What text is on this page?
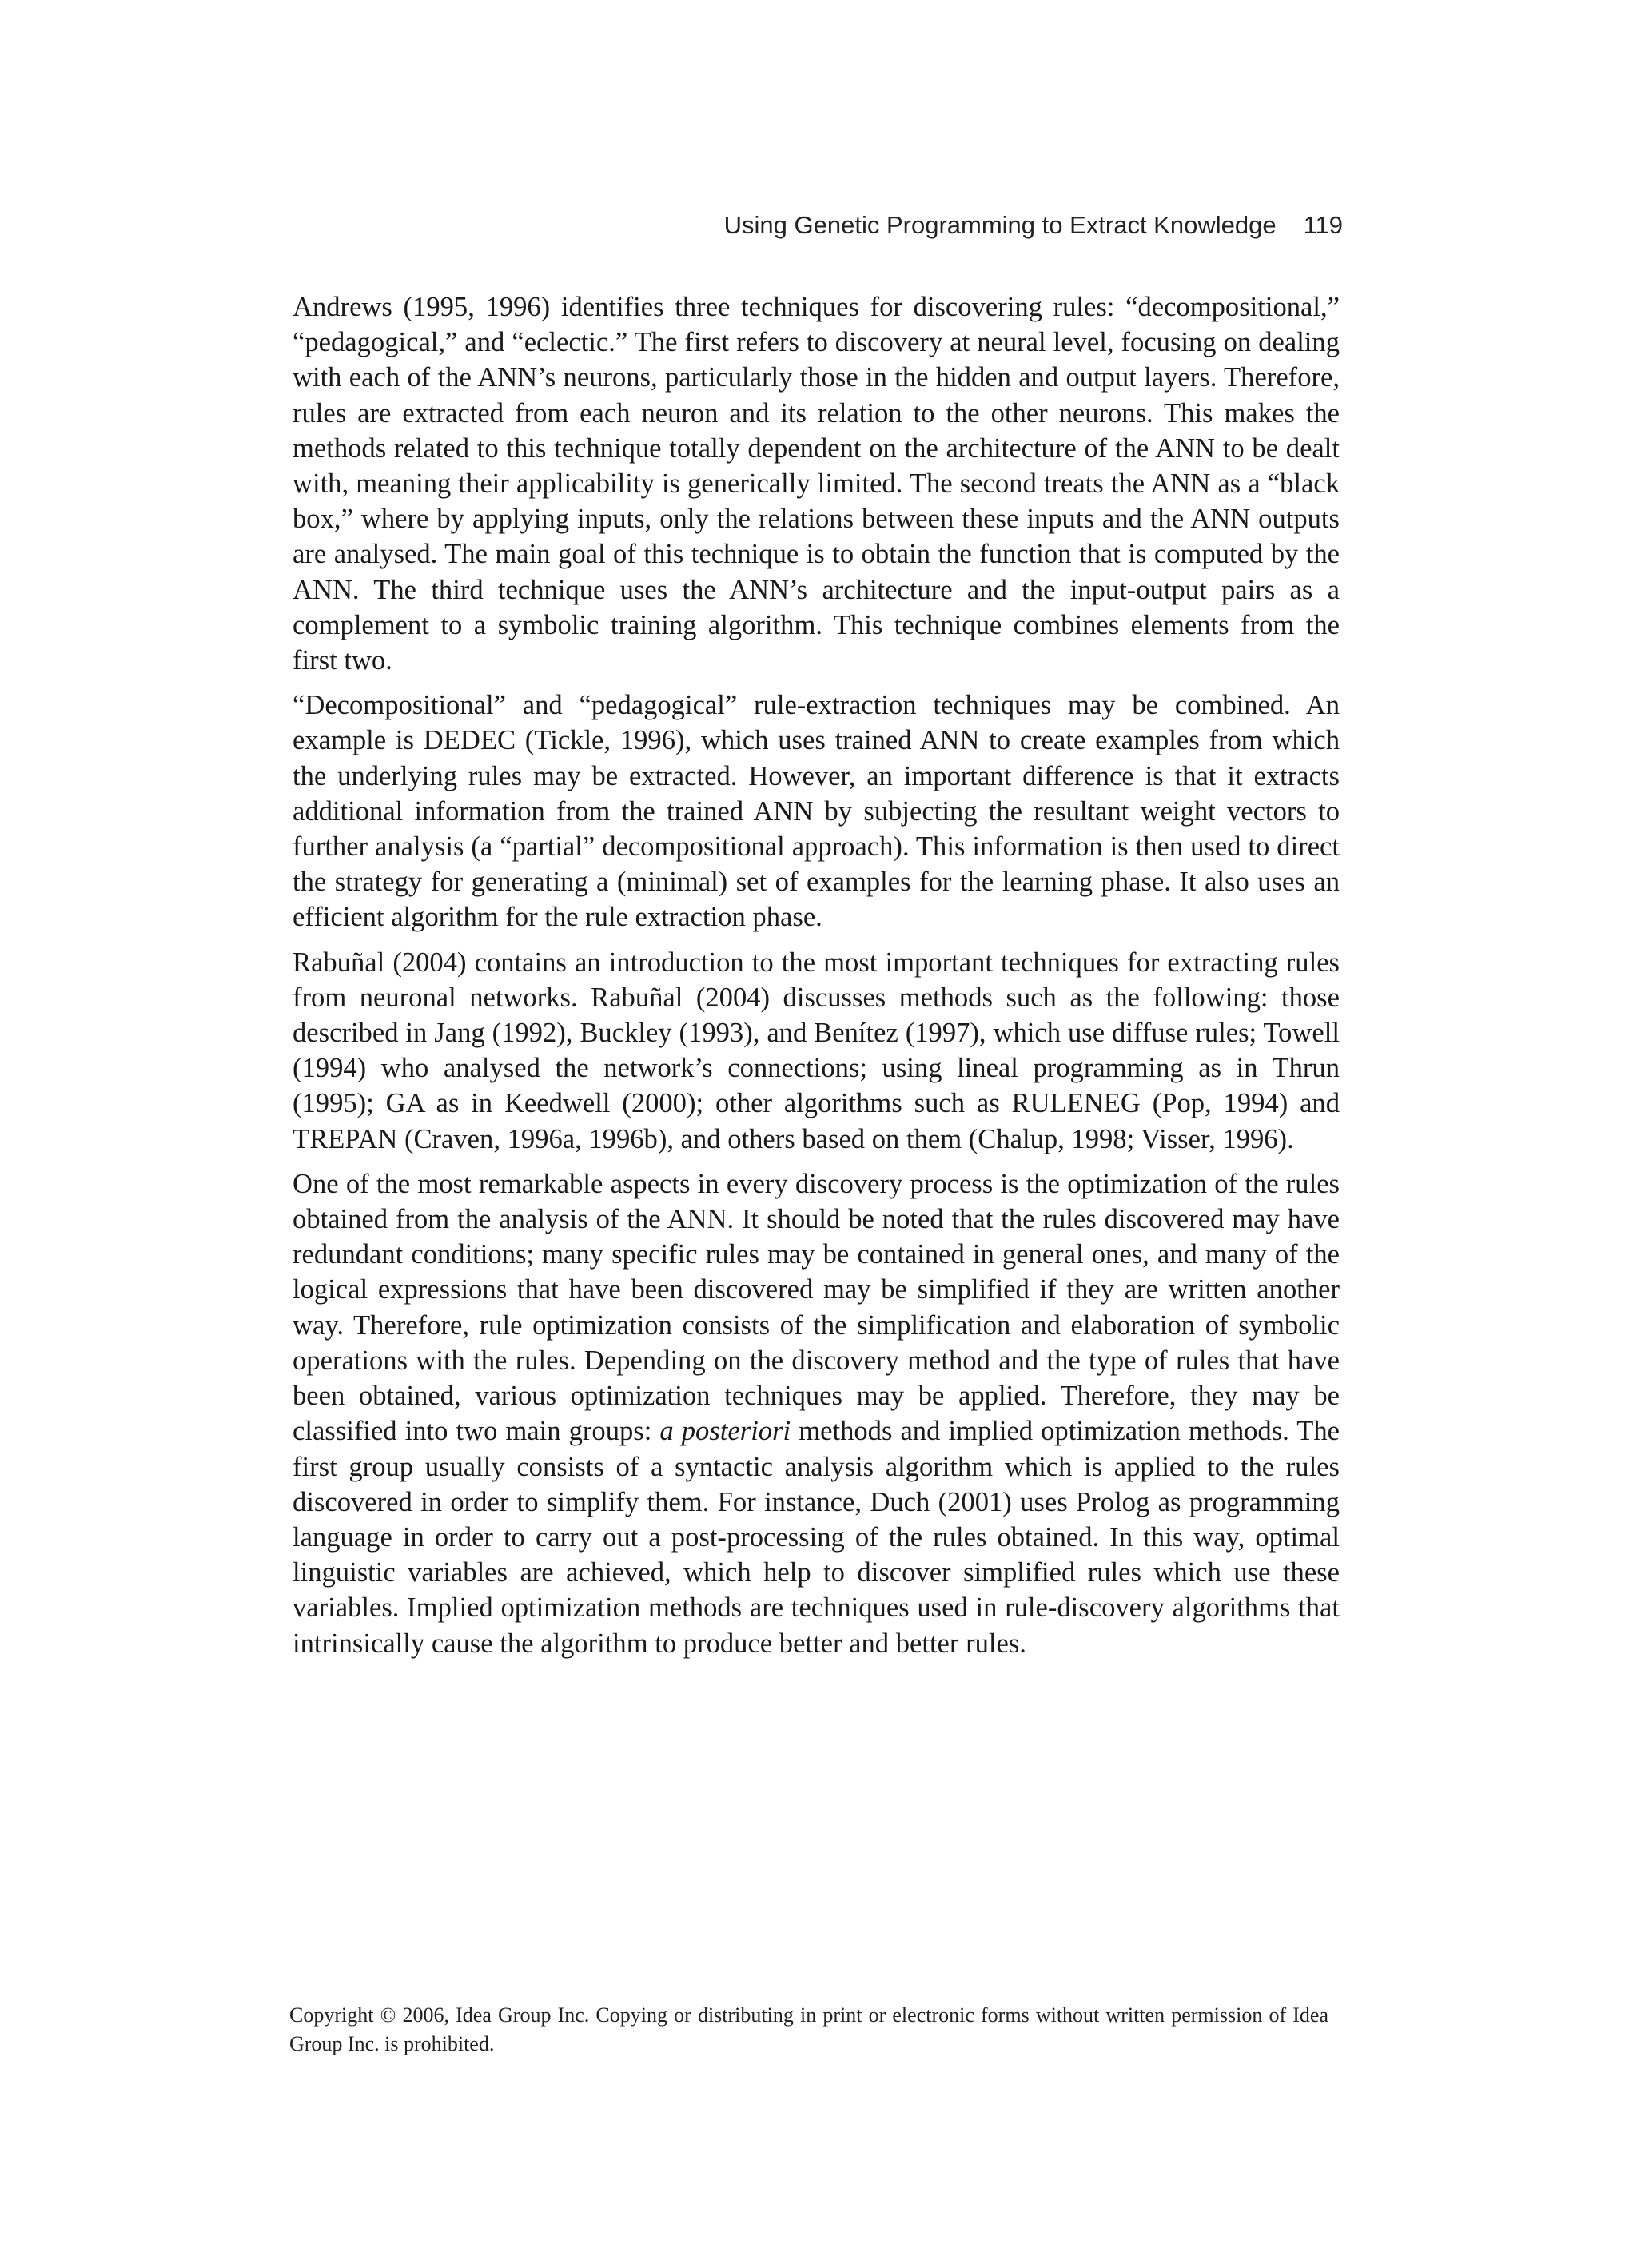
Using Genetic Programming to Extract Knowledge 119

Andrews (1995, 1996) identifies three techniques for discovering rules: “decompositional,” “pedagogical,” and “eclectic.” The first refers to discovery at neural level, focusing on dealing with each of the ANN’s neurons, particularly those in the hidden and output layers. Therefore, rules are extracted from each neuron and its relation to the other neurons. This makes the methods related to this technique totally dependent on the architecture of the ANN to be dealt with, meaning their applicability is generically limited. The second treats the ANN as a “black box,” where by applying inputs, only the relations between these inputs and the ANN outputs are analysed. The main goal of this technique is to obtain the function that is computed by the ANN. The third technique uses the ANN’s architecture and the input-output pairs as a complement to a symbolic training algorithm. This technique combines elements from the first two.

“Decompositional” and “pedagogical” rule-extraction techniques may be combined. An example is DEDEC (Tickle, 1996), which uses trained ANN to create examples from which the underlying rules may be extracted. However, an important difference is that it extracts additional information from the trained ANN by subjecting the resultant weight vectors to further analysis (a “partial” decompositional approach). This information is then used to direct the strategy for generating a (minimal) set of examples for the learning phase. It also uses an efficient algorithm for the rule extraction phase.

Rabuñal (2004) contains an introduction to the most important techniques for extracting rules from neuronal networks. Rabuñal (2004) discusses methods such as the following: those described in Jang (1992), Buckley (1993), and Benítez (1997), which use diffuse rules; Towell (1994) who analysed the network’s connections; using lineal programming as in Thrun (1995); GA as in Keedwell (2000); other algorithms such as RULENEG (Pop, 1994) and TREPAN (Craven, 1996a, 1996b), and others based on them (Chalup, 1998; Visser, 1996).

One of the most remarkable aspects in every discovery process is the optimization of the rules obtained from the analysis of the ANN. It should be noted that the rules discovered may have redundant conditions; many specific rules may be contained in general ones, and many of the logical expressions that have been discovered may be simplified if they are written another way. Therefore, rule optimization consists of the simplification and elaboration of symbolic operations with the rules. Depending on the discovery method and the type of rules that have been obtained, various optimization techniques may be applied. Therefore, they may be classified into two main groups: a posteriori methods and implied optimization methods. The first group usually consists of a syntactic analysis algorithm which is applied to the rules discovered in order to simplify them. For instance, Duch (2001) uses Prolog as programming language in order to carry out a post-processing of the rules obtained. In this way, optimal linguistic variables are achieved, which help to discover simplified rules which use these variables. Implied optimization methods are techniques used in rule-discovery algorithms that intrinsically cause the algorithm to produce better and better rules.

Copyright © 2006, Idea Group Inc. Copying or distributing in print or electronic forms without written permission of Idea Group Inc. is prohibited.
